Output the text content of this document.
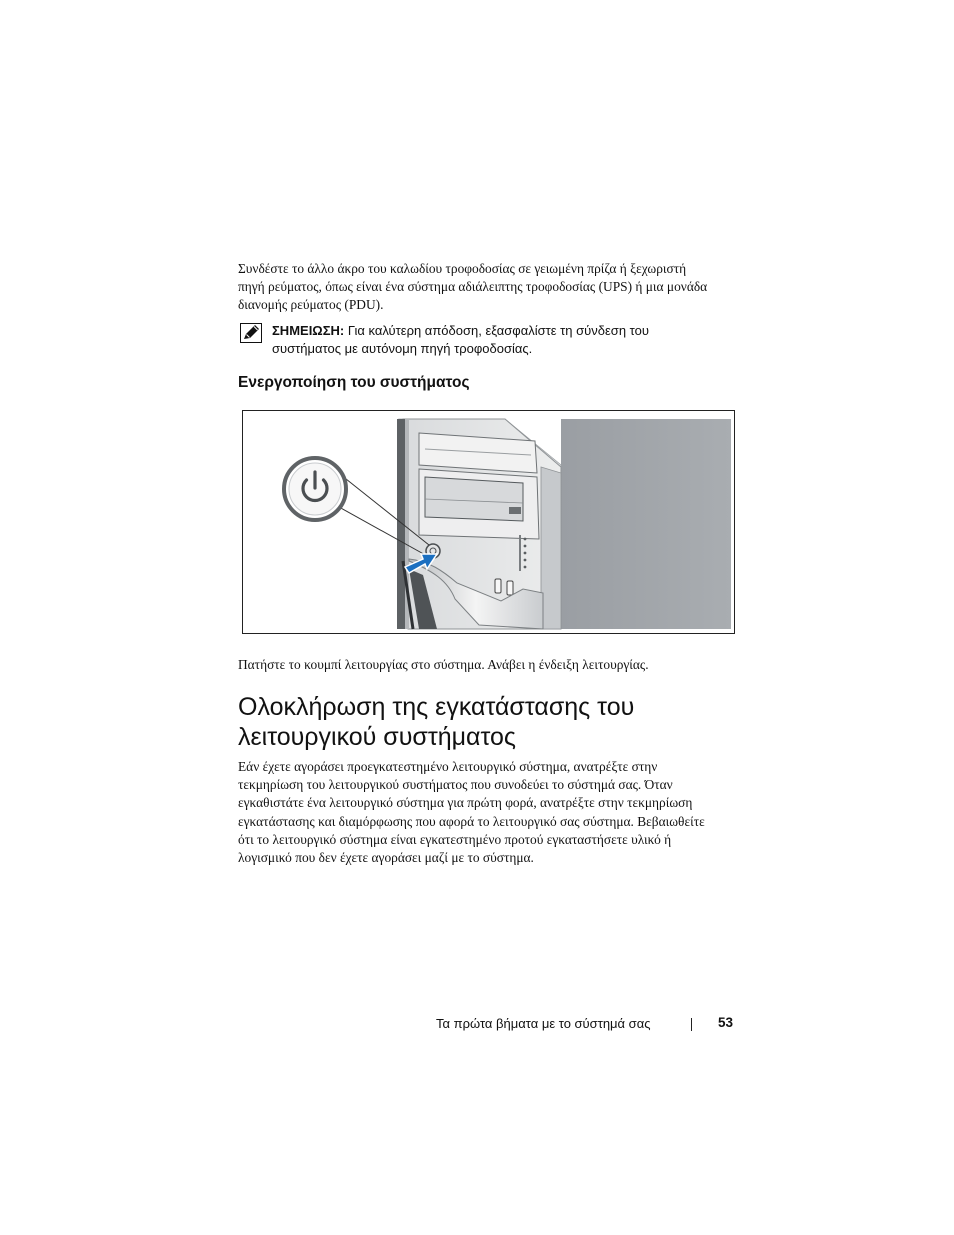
Συνδέστε το άλλο άκρο του καλωδίου τροφοδοσίας σε γειωμένη πρίζα ή ξεχωριστή
πηγή ρεύματος, όπως είναι ένα σύστημα αδιάλειπτης τροφοδοσίας (UPS) ή μια μονάδα
διανομής ρεύματος (PDU).
ΣΗΜΕΙΩΣΗ: Για καλύτερη απόδοση, εξασφαλίστε τη σύνδεση του
συστήματος με αυτόνομη πηγή τροφοδοσίας.
Ενεργοποίηση του συστήματος
Πατήστε το κουμπί λειτουργίας στο σύστημα. Ανάβει η ένδειξη λειτουργίας.
Ολοκλήρωση της εγκατάστασης του
λειτουργικού συστήματος
Εάν έχετε αγοράσει προεγκατεστημένο λειτουργικό σύστημα, ανατρέξτε στην
τεκμηρίωση του λειτουργικού συστήματος που συνοδεύει το σύστημά σας. Όταν
εγκαθιστάτε ένα λειτουργικό σύστημα για πρώτη φορά, ανατρέξτε στην τεκμηρίωση
εγκατάστασης και διαμόρφωσης που αφορά το λειτουργικό σας σύστημα. Βεβαιωθείτε
ότι το λειτουργικό σύστημα είναι εγκατεστημένο προτού εγκαταστήσετε υλικό ή
λογισμικό που δεν έχετε αγοράσει μαζί με το σύστημα.
Τα πρώτα βήματα με το σύστημά σας	53
